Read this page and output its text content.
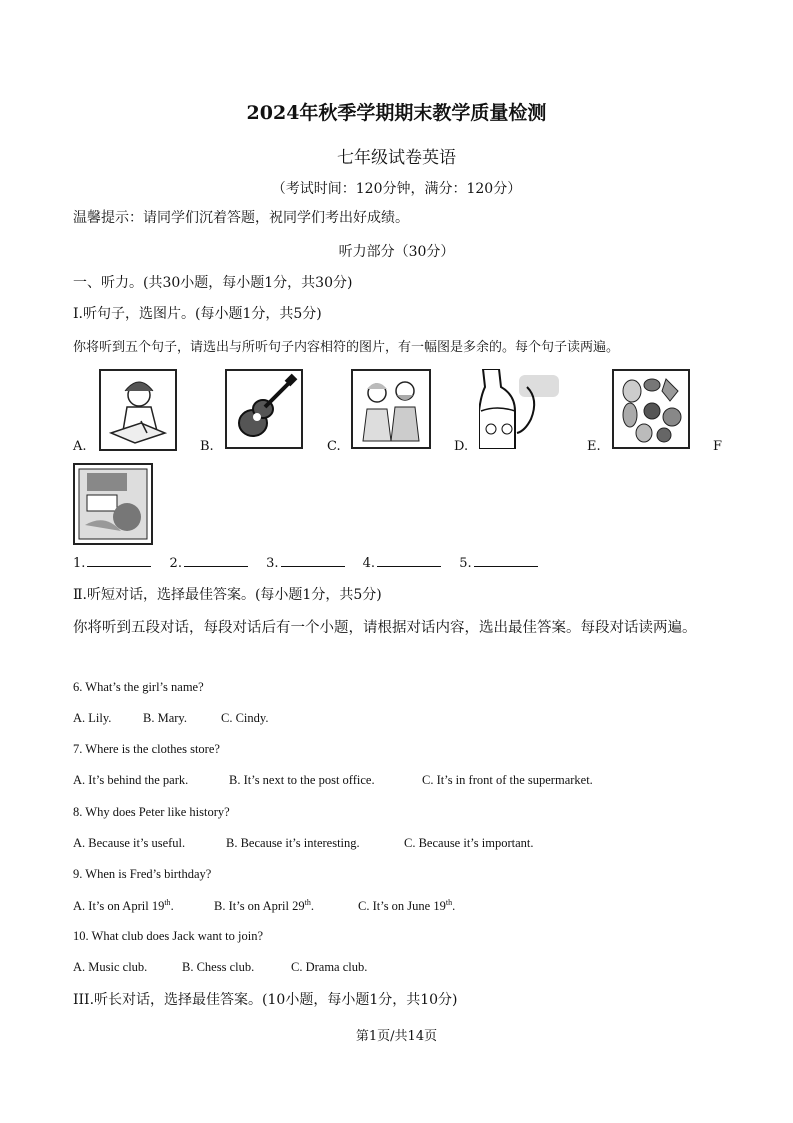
2024年秋季学期期末教学质量检测
七年级试卷英语
（考试时间：120分钟，满分：120分）
温馨提示：请同学们沉着答题，祝同学们考出好成绩。
听力部分（30分）
一、听力。(共30小题，每小题1分，共30分)
Ⅰ.听句子，选图片。(每小题1分，共5分)
你将听到五个句子，请选出与所听句子内容相符的图片，有一幅图是多余的。每个句子读两遍。
A.	B.	C.	D.	E.	F
1.	2.	3.	4.	5.
Ⅱ.听短对话，选择最佳答案。(每小题1分，共5分)
你将听到五段对话，每段对话后有一个小题，请根据对话内容，选出最佳答案。每段对话读两遍。
6. What’s the girl’s name?
A. Lily.	B. Mary.	C. Cindy.
7. Where is the clothes store?
A. It’s behind the park.	B. It’s next to the post office.	C. It’s in front of the supermarket.
8. Why does Peter like history?
A. Because it’s useful.	B. Because it’s interesting.	C. Because it’s important.
9. When is Fred’s birthday?
A. It’s on April 19th.	B. It’s on April 29th.	C. It’s on June 19th.
10. What club does Jack want to join?
A. Music club.	B. Chess club.	C. Drama club.
III.听长对话，选择最佳答案。(10小题，每小题1分，共10分)
第1页/共14页
